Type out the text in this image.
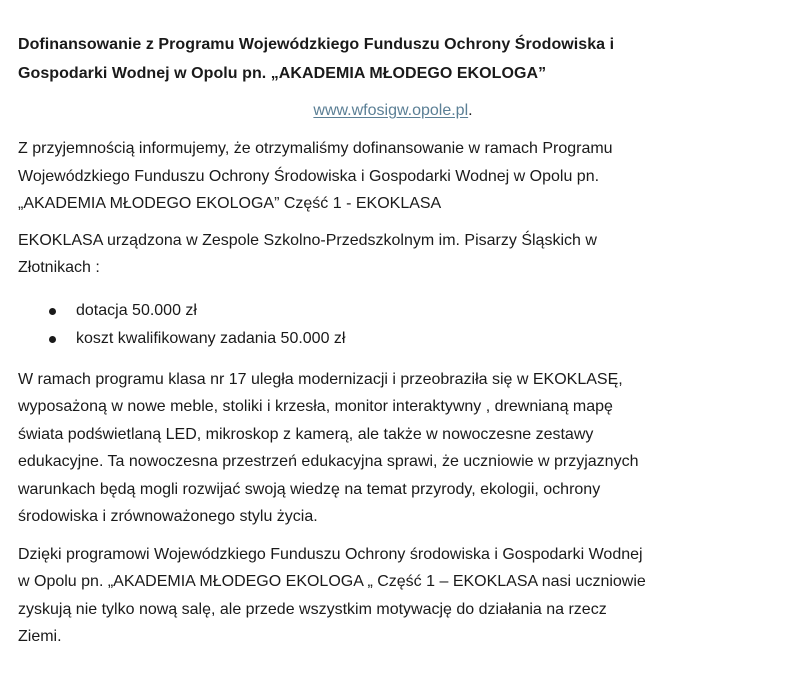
Dofinansowanie z Programu Wojewódzkiego Funduszu Ochrony Środowiska i
Gospodarki Wodnej w Opolu pn. „AKADEMIA MŁODEGO EKOLOGA”

www.wfosigw.opole.pl.

Z przyjemnością informujemy, że otrzymaliśmy dofinansowanie w ramach Programu
Wojewódzkiego Funduszu Ochrony Środowiska i Gospodarki Wodnej w Opolu pn.
„AKADEMIA MŁODEGO EKOLOGA” Część 1 - EKOKLASA
EKOKLASA urządzona w Zespole Szkolno-Przedszkolnym im. Pisarzy Śląskich w
Złotnikach :
dotacja 50.000 zł
koszt kwalifikowany zadania 50.000 zł
W ramach programu klasa nr 17 uległa modernizacji i przeobraziła się w EKOKLASĘ,
wyposażoną w nowe meble, stoliki i krzesła, monitor interaktywny , drewnianą mapę
świata podświetlaną LED, mikroskop z kamerą, ale także w nowoczesne zestawy
edukacyjne. Ta nowoczesna przestrzeń edukacyjna sprawi, że uczniowie w przyjaznych
warunkach będą mogli rozwijać swoją wiedzę na temat przyrody, ekologii, ochrony
środowiska i zrównoważonego stylu życia.
Dzięki programowi Wojewódzkiego Funduszu Ochrony środowiska i Gospodarki Wodnej
w Opolu pn. „AKADEMIA MŁODEGO EKOLOGA „ Część 1 – EKOKLASA nasi uczniowie
zyskują nie tylko nową salę, ale przede wszystkim motywację do działania na rzecz
Ziemi.
